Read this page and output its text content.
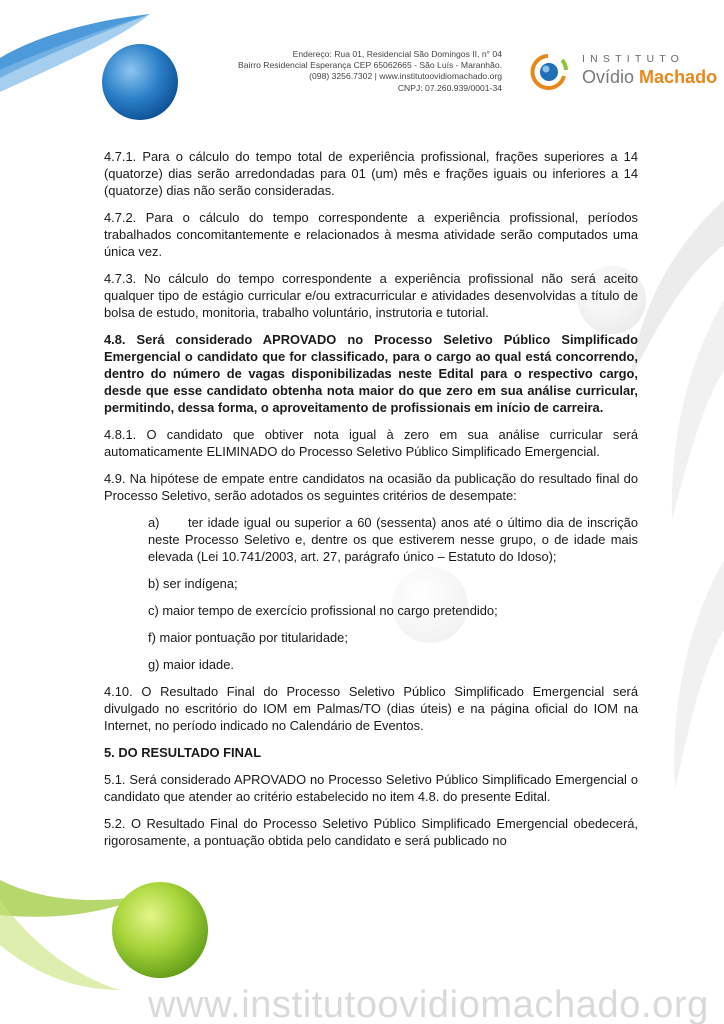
Endereço: Rua 01, Residencial São Domingos II, n° 04
Bairro Residencial Esperança CEP 65062665 - São Luís - Maranhão.
(098) 3256.7302 | www.institutoovidiomachado.org
CNPJ: 07.260.939/0001-34
INSTITUTO
Ovídio Machado

4.7.1. Para o cálculo do tempo total de experiência profissional, frações superiores a 14 (quatorze) dias serão arredondadas para 01 (um) mês e frações iguais ou inferiores a 14 (quatorze) dias não serão consideradas.

4.7.2. Para o cálculo do tempo correspondente a experiência profissional, períodos trabalhados concomitantemente e relacionados à mesma atividade serão computados uma única vez.

4.7.3. No cálculo do tempo correspondente a experiência profissional não será aceito qualquer tipo de estágio curricular e/ou extracurricular e atividades desenvolvidas a título de bolsa de estudo, monitoria, trabalho voluntário, instrutoria e tutorial.

4.8. Será considerado APROVADO no Processo Seletivo Público Simplificado Emergencial o candidato que for classificado, para o cargo ao qual está concorrendo, dentro do número de vagas disponibilizadas neste Edital para o respectivo cargo, desde que esse candidato obtenha nota maior do que zero em sua análise curricular, permitindo, dessa forma, o aproveitamento de profissionais em início de carreira.

4.8.1. O candidato que obtiver nota igual à zero em sua análise curricular será automaticamente ELIMINADO do Processo Seletivo Público Simplificado Emergencial.

4.9. Na hipótese de empate entre candidatos na ocasião da publicação do resultado final do Processo Seletivo, serão adotados os seguintes critérios de desempate:

a) ter idade igual ou superior a 60 (sessenta) anos até o último dia de inscrição neste Processo Seletivo e, dentre os que estiverem nesse grupo, o de idade mais elevada (Lei 10.741/2003, art. 27, parágrafo único – Estatuto do Idoso);

b) ser indígena;

c) maior tempo de exercício profissional no cargo pretendido;

f) maior pontuação por titularidade;

g) maior idade.

4.10. O Resultado Final do Processo Seletivo Público Simplificado Emergencial será divulgado no escritório do IOM em Palmas/TO (dias úteis) e na página oficial do IOM na Internet, no período indicado no Calendário de Eventos.

5. DO RESULTADO FINAL

5.1. Será considerado APROVADO no Processo Seletivo Público Simplificado Emergencial o candidato que atender ao critério estabelecido no item 4.8. do presente Edital.

5.2. O Resultado Final do Processo Seletivo Público Simplificado Emergencial obedecerá, rigorosamente, a pontuação obtida pelo candidato e será publicado no

www.institutoovidiomachado.org
